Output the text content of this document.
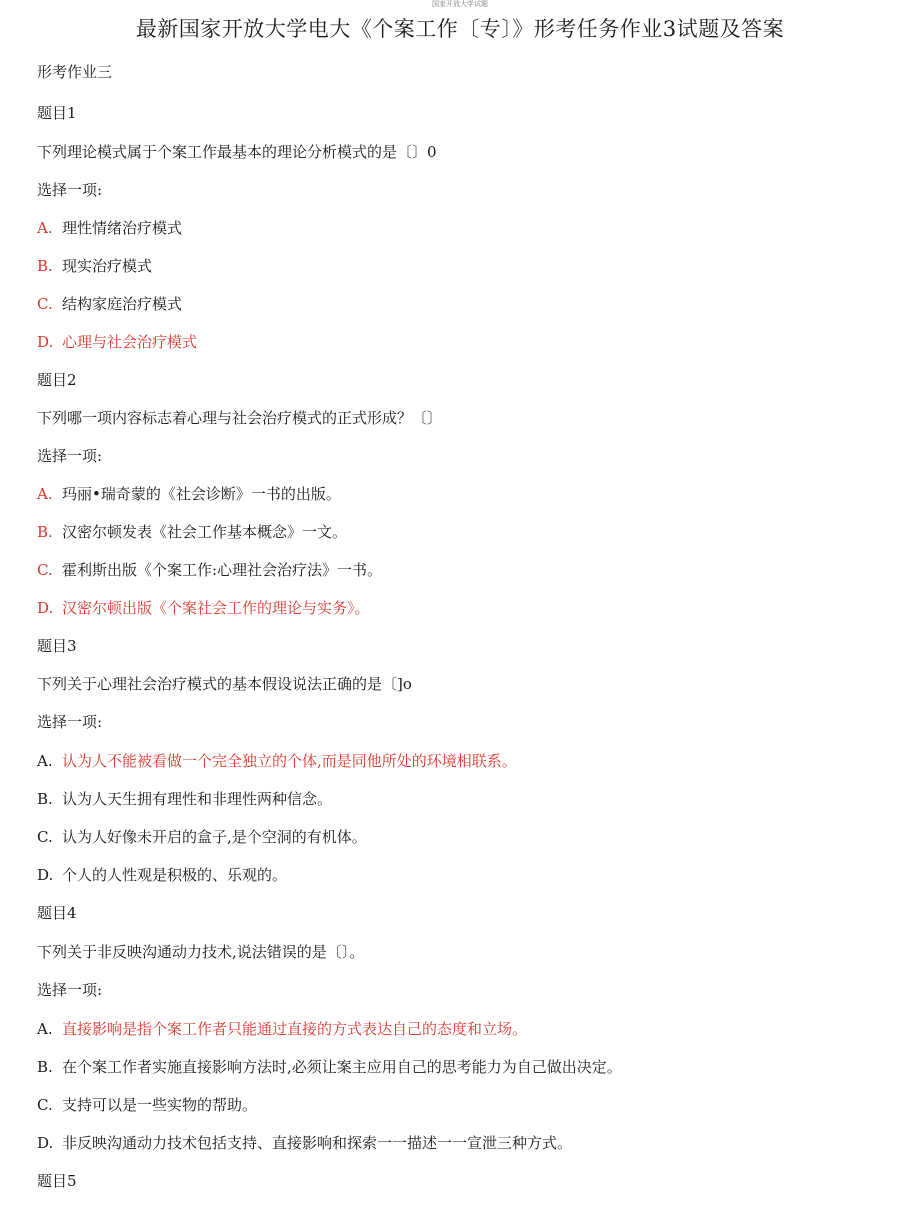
国家开放大学试题
最新国家开放大学电大《个案工作〔专〕》形考任务作业3试题及答案
形考作业三
题目1
下列理论模式属于个案工作最基本的理论分析模式的是〔〕0
选择一项:
A. 理性情绪治疗模式
B. 现实治疗模式
C. 结构家庭治疗模式
D. 心理与社会治疗模式
题目2
下列哪一项内容标志着心理与社会治疗模式的正式形成？〔〕
选择一项:
A. 玛丽•瑞奇蒙的《社会诊断》一书的出版。
B. 汉密尔顿发表《社会工作基本概念》一文。
C. 霍利斯出版《个案工作:心理社会治疗法》一书。
D. 汉密尔顿出版《个案社会工作的理论与实务》。
题目3
下列关于心理社会治疗模式的基本假设说法正确的是〔]o
选择一项:
A. 认为人不能被看做一个完全独立的个体,而是同他所处的环境相联系。
B. 认为人天生拥有理性和非理性两种信念。
C. 认为人好像未开启的盒子,是个空洞的有机体。
D. 个人的人性观是积极的、乐观的。
题目4
下列关于非反映沟通动力技术,说法错误的是〔〕。
选择一项:
A. 直接影响是指个案工作者只能通过直接的方式表达自己的态度和立场。
B. 在个案工作者实施直接影响方法时,必须让案主应用自己的思考能力为自己做出决定。
C. 支持可以是一些实物的帮助。
D. 非反映沟通动力技术包括支持、直接影响和探索一一描述一一宣泄三种方式。
题目5
